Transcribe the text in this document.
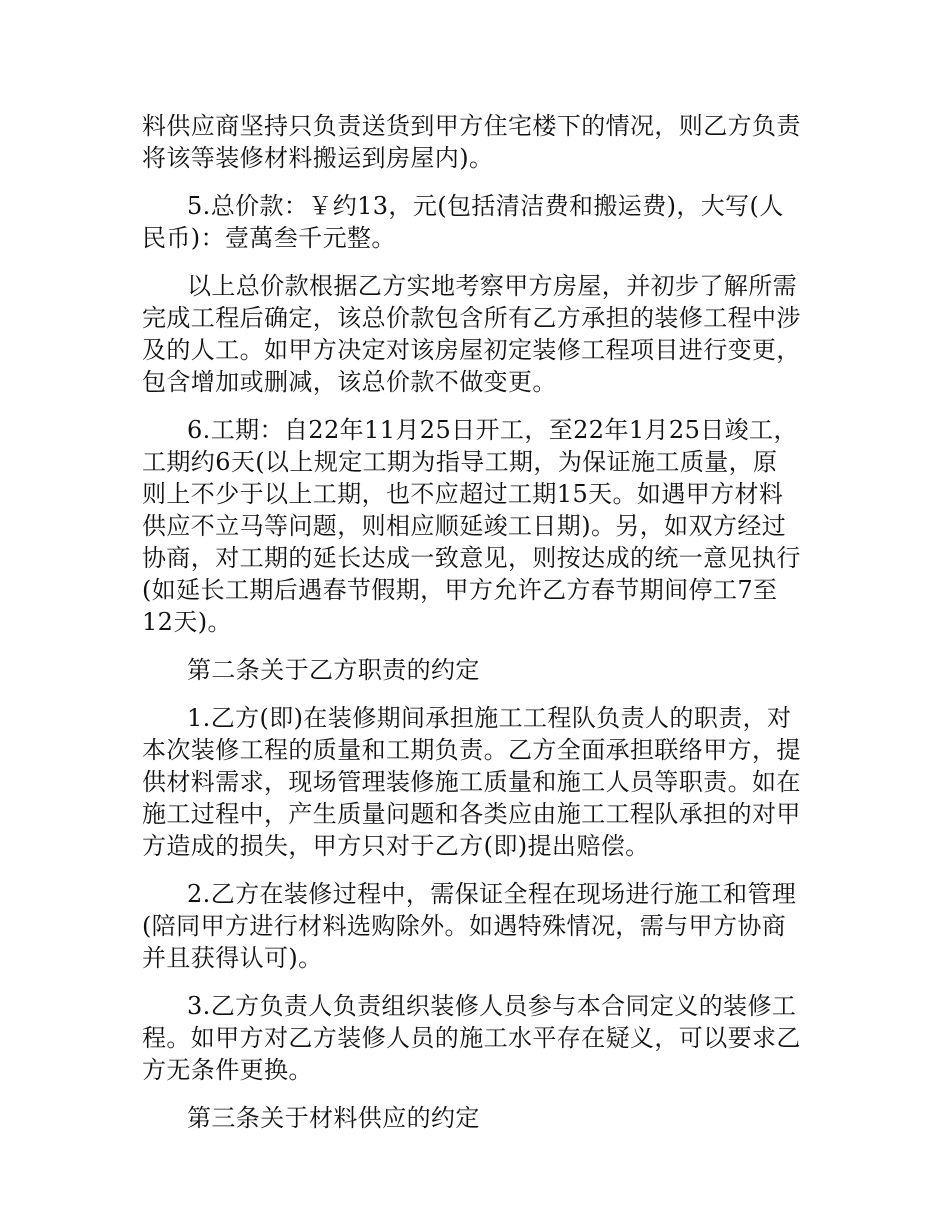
料供应商坚持只负责送货到甲方住宅楼下的情况，则乙方负责
将该等装修材料搬运到房屋内)。

5.总价款：￥约13，元(包括清洁费和搬运费)，大写(人
民币)：壹萬叁千元整。

以上总价款根据乙方实地考察甲方房屋，并初步了解所需
完成工程后确定，该总价款包含所有乙方承担的装修工程中涉
及的人工。如甲方决定对该房屋初定装修工程项目进行变更，
包含增加或删减，该总价款不做变更。

6.工期：自22年11月25日开工，至22年1月25日竣工，
工期约6天(以上规定工期为指导工期，为保证施工质量，原
则上不少于以上工期，也不应超过工期15天。如遇甲方材料
供应不立马等问题，则相应顺延竣工日期)。另，如双方经过
协商，对工期的延长达成一致意见，则按达成的统一意见执行
(如延长工期后遇春节假期，甲方允许乙方春节期间停工7至
12天)。

第二条关于乙方职责的约定

1.乙方(即)在装修期间承担施工工程队负责人的职责，对
本次装修工程的质量和工期负责。乙方全面承担联络甲方，提
供材料需求，现场管理装修施工质量和施工人员等职责。如在
施工过程中，产生质量问题和各类应由施工工程队承担的对甲
方造成的损失，甲方只对于乙方(即)提出赔偿。

2.乙方在装修过程中，需保证全程在现场进行施工和管理
(陪同甲方进行材料选购除外。如遇特殊情况，需与甲方协商
并且获得认可)。

3.乙方负责人负责组织装修人员参与本合同定义的装修工
程。如甲方对乙方装修人员的施工水平存在疑义，可以要求乙
方无条件更换。

第三条关于材料供应的约定
